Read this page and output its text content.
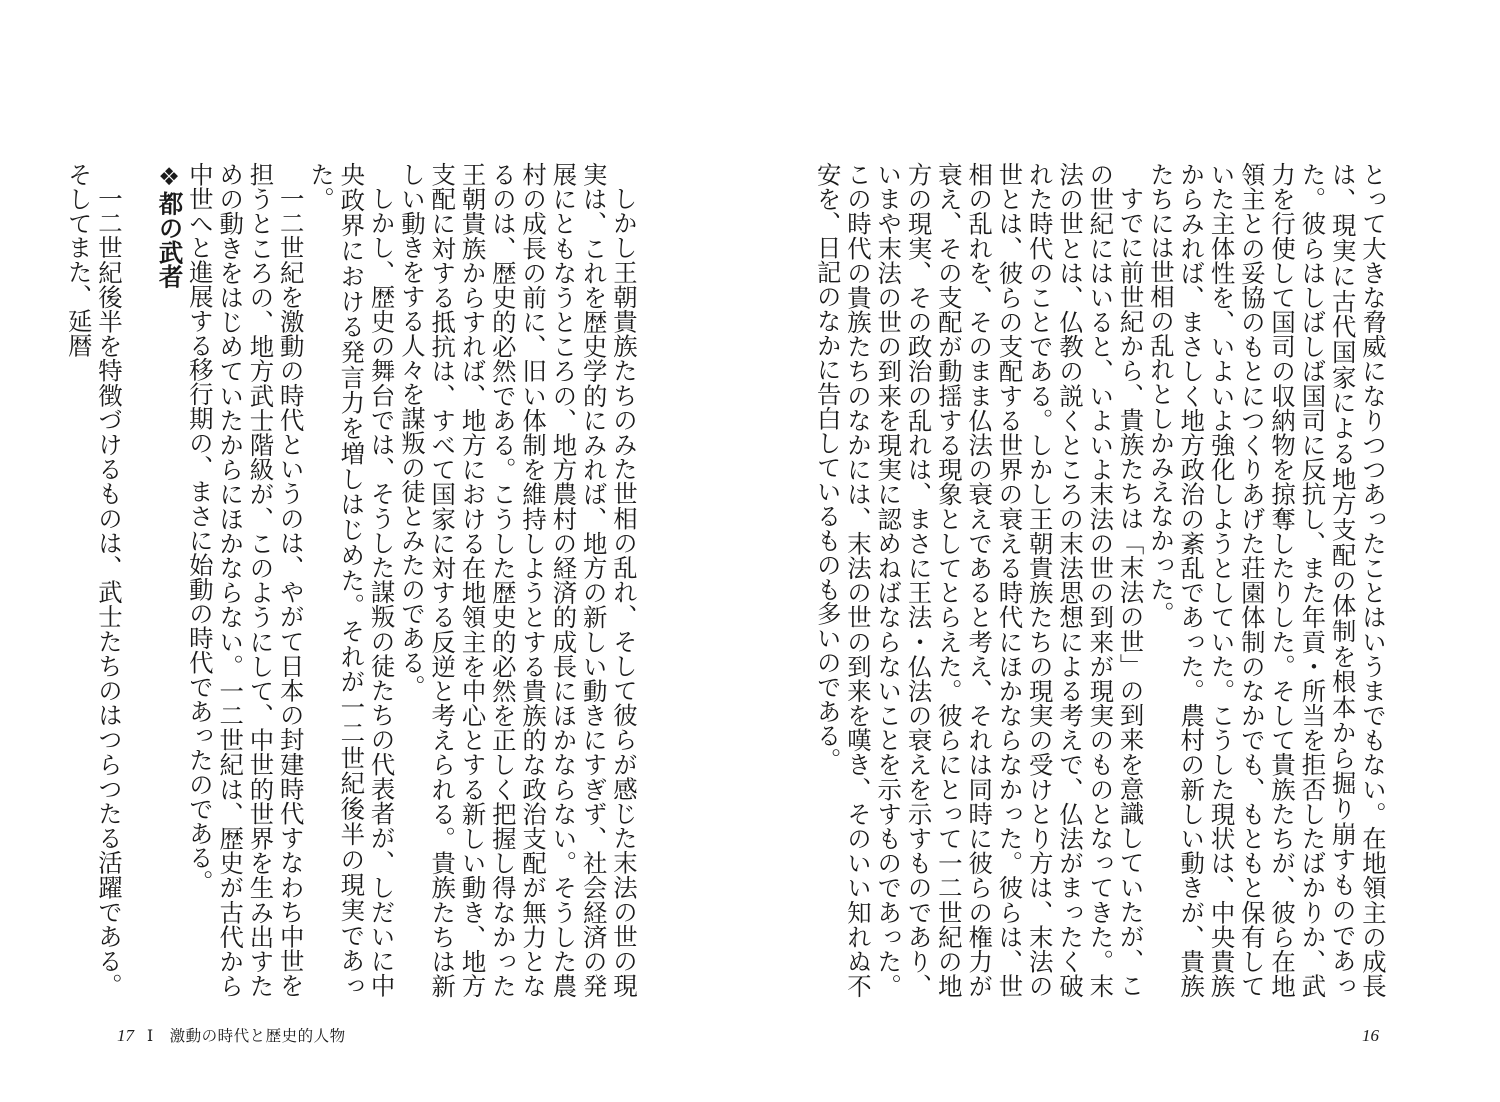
とって大きな脅威になりつつあったことはいうまでもない。在地領主の成長は、現実に古代国家による地方支配の体制を根本から掘り崩すものであった。彼らはしばしば国司に反抗し、また年貢・所当を拒否したばかりか、武力を行使して国司の収納物を掠奪したりした。そして貴族たちが、彼ら在地領主との妥協のもとにつくりあげた荘園体制のなかでも、もともと保有していた主体性を、いよいよ強化しようとしていた。こうした現状は、中央貴族からみれば、まさしく地方政治の紊乱であった。農村の新しい動きが、貴族たちには世相の乱れとしかみえなかった。

すでに前世紀から、貴族たちは「末法の世」の到来を意識していたが、この世紀にはいると、いよいよ末法の世の到来が現実のものとなってきた。末法の世とは、仏教の説くところの末法思想による考えで、仏法がまったく破れた時代のことである。しかし王朝貴族たちの現実の受けとり方は、末法の世とは、彼らの支配する世界の衰える時代にほかならなかった。彼らは、世相の乱れを、そのまま仏法の衰えであると考え、それは同時に彼らの権力が衰え、その支配が動揺する現象としてとらえた。彼らにとって一二世紀の地方の現実、その政治の乱れは、まさに王法・仏法の衰えを示すものであり、いまや末法の世の到来を現実に認めねばならないことを示すものであった。この時代の貴族たちのなかには、末法の世の到来を嘆き、そのいい知れぬ不安を、日記のなかに告白しているものも多いのである。

しかし王朝貴族たちのみた世相の乱れ、そして彼らが感じた末法の世の現実は、これを歴史学的にみれば、地方の新しい動きにすぎず、社会経済の発展にともなうところの、地方農村の経済的成長にほかならない。そうした農村の成長の前に、旧い体制を維持しようとする貴族的な政治支配が無力となるのは、歴史的必然である。こうした歴史的必然を正しく把握し得なかった王朝貴族からすれば、地方における在地領主を中心とする新しい動き、地方支配に対する抵抗は、すべて国家に対する反逆と考えられる。貴族たちは新しい動きをする人々を謀叛の徒とみたのである。

しかし、歴史の舞台では、そうした謀叛の徒たちの代表者が、しだいに中央政界における発言力を増しはじめた。それが一二世紀後半の現実であった。

一二世紀を激動の時代というのは、やがて日本の封建時代すなわち中世を担うところの、地方武士階級が、このようにして、中世的世界を生み出すための動きをはじめていたからにほかならない。一二世紀は、歴史が古代から中世へと進展する移行期の、まさに始動の時代であったのである。

❖都の武者

一二世紀後半を特徴づけるものは、武士たちのはつらつたる活躍である。そしてまた、延暦

16
17 Ⅰ　激動の時代と歴史的人物
